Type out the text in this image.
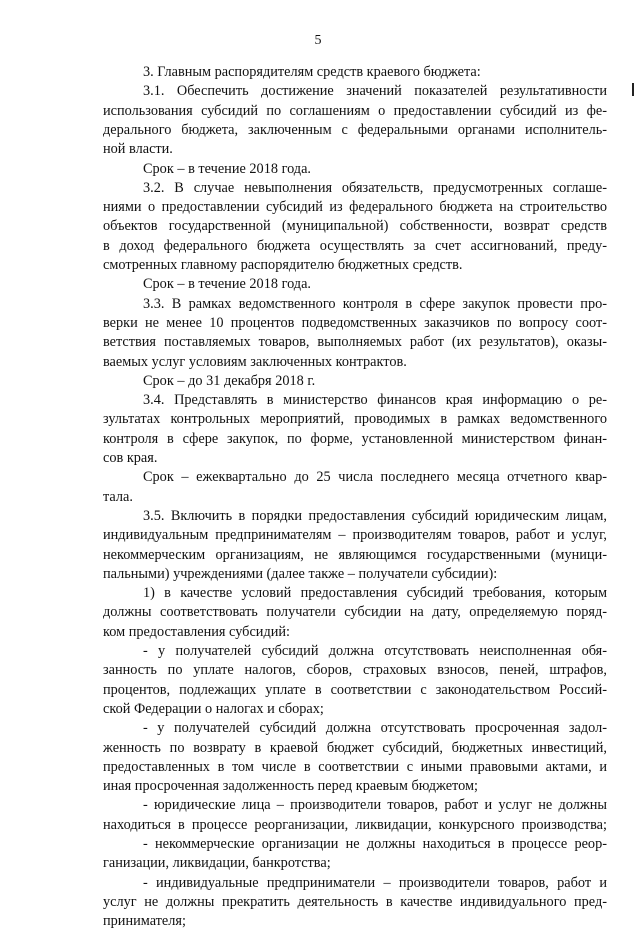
5
3. Главным распорядителям средств краевого бюджета:
3.1. Обеспечить достижение значений показателей результативности
использования субсидий по соглашениям о предоставлении субсидий из фе-
дерального бюджета, заключенным с федеральными органами исполнитель-
ной власти.
Срок – в течение 2018 года.
3.2. В случае невыполнения обязательств, предусмотренных соглаше-
ниями о предоставлении субсидий из федерального бюджета на строительство
объектов государственной (муниципальной) собственности, возврат средств
в доход федерального бюджета осуществлять за счет ассигнований, преду-
смотренных главному распорядителю бюджетных средств.
Срок – в течение 2018 года.
3.3. В рамках ведомственного контроля в сфере закупок провести про-
верки не менее 10 процентов подведомственных заказчиков по вопросу соот-
ветствия поставляемых товаров, выполняемых работ (их результатов), оказы-
ваемых услуг условиям заключенных контрактов.
Срок – до 31 декабря 2018 г.
3.4. Представлять в министерство финансов края информацию о ре-
зультатах контрольных мероприятий, проводимых в рамках ведомственного
контроля в сфере закупок, по форме, установленной министерством финан-
сов края.
Срок – ежеквартально до 25 числа последнего месяца отчетного квар-
тала.
3.5. Включить в порядки предоставления субсидий юридическим лицам,
индивидуальным предпринимателям – производителям товаров, работ и услуг,
некоммерческим организациям, не являющимся государственными (муници-
пальными) учреждениями (далее также – получатели субсидии):
1) в качестве условий предоставления субсидий требования, которым
должны соответствовать получатели субсидии на дату, определяемую поряд-
ком предоставления субсидий:
- у получателей субсидий должна отсутствовать неисполненная обя-
занность по уплате налогов, сборов, страховых взносов, пеней, штрафов,
процентов, подлежащих уплате в соответствии с законодательством Россий-
ской Федерации о налогах и сборах;
- у получателей субсидий должна отсутствовать просроченная задол-
женность по возврату в краевой бюджет субсидий, бюджетных инвестиций,
предоставленных в том числе в соответствии с иными правовыми актами, и
иная просроченная задолженность перед краевым бюджетом;
- юридические лица – производители товаров, работ и услуг не должны
находиться в процессе реорганизации, ликвидации, конкурсного производства;
- некоммерческие организации не должны находиться в процессе реор-
ганизации, ликвидации, банкротства;
- индивидуальные предприниматели – производители товаров, работ и
услуг не должны прекратить деятельность в качестве индивидуального пред-
принимателя;
